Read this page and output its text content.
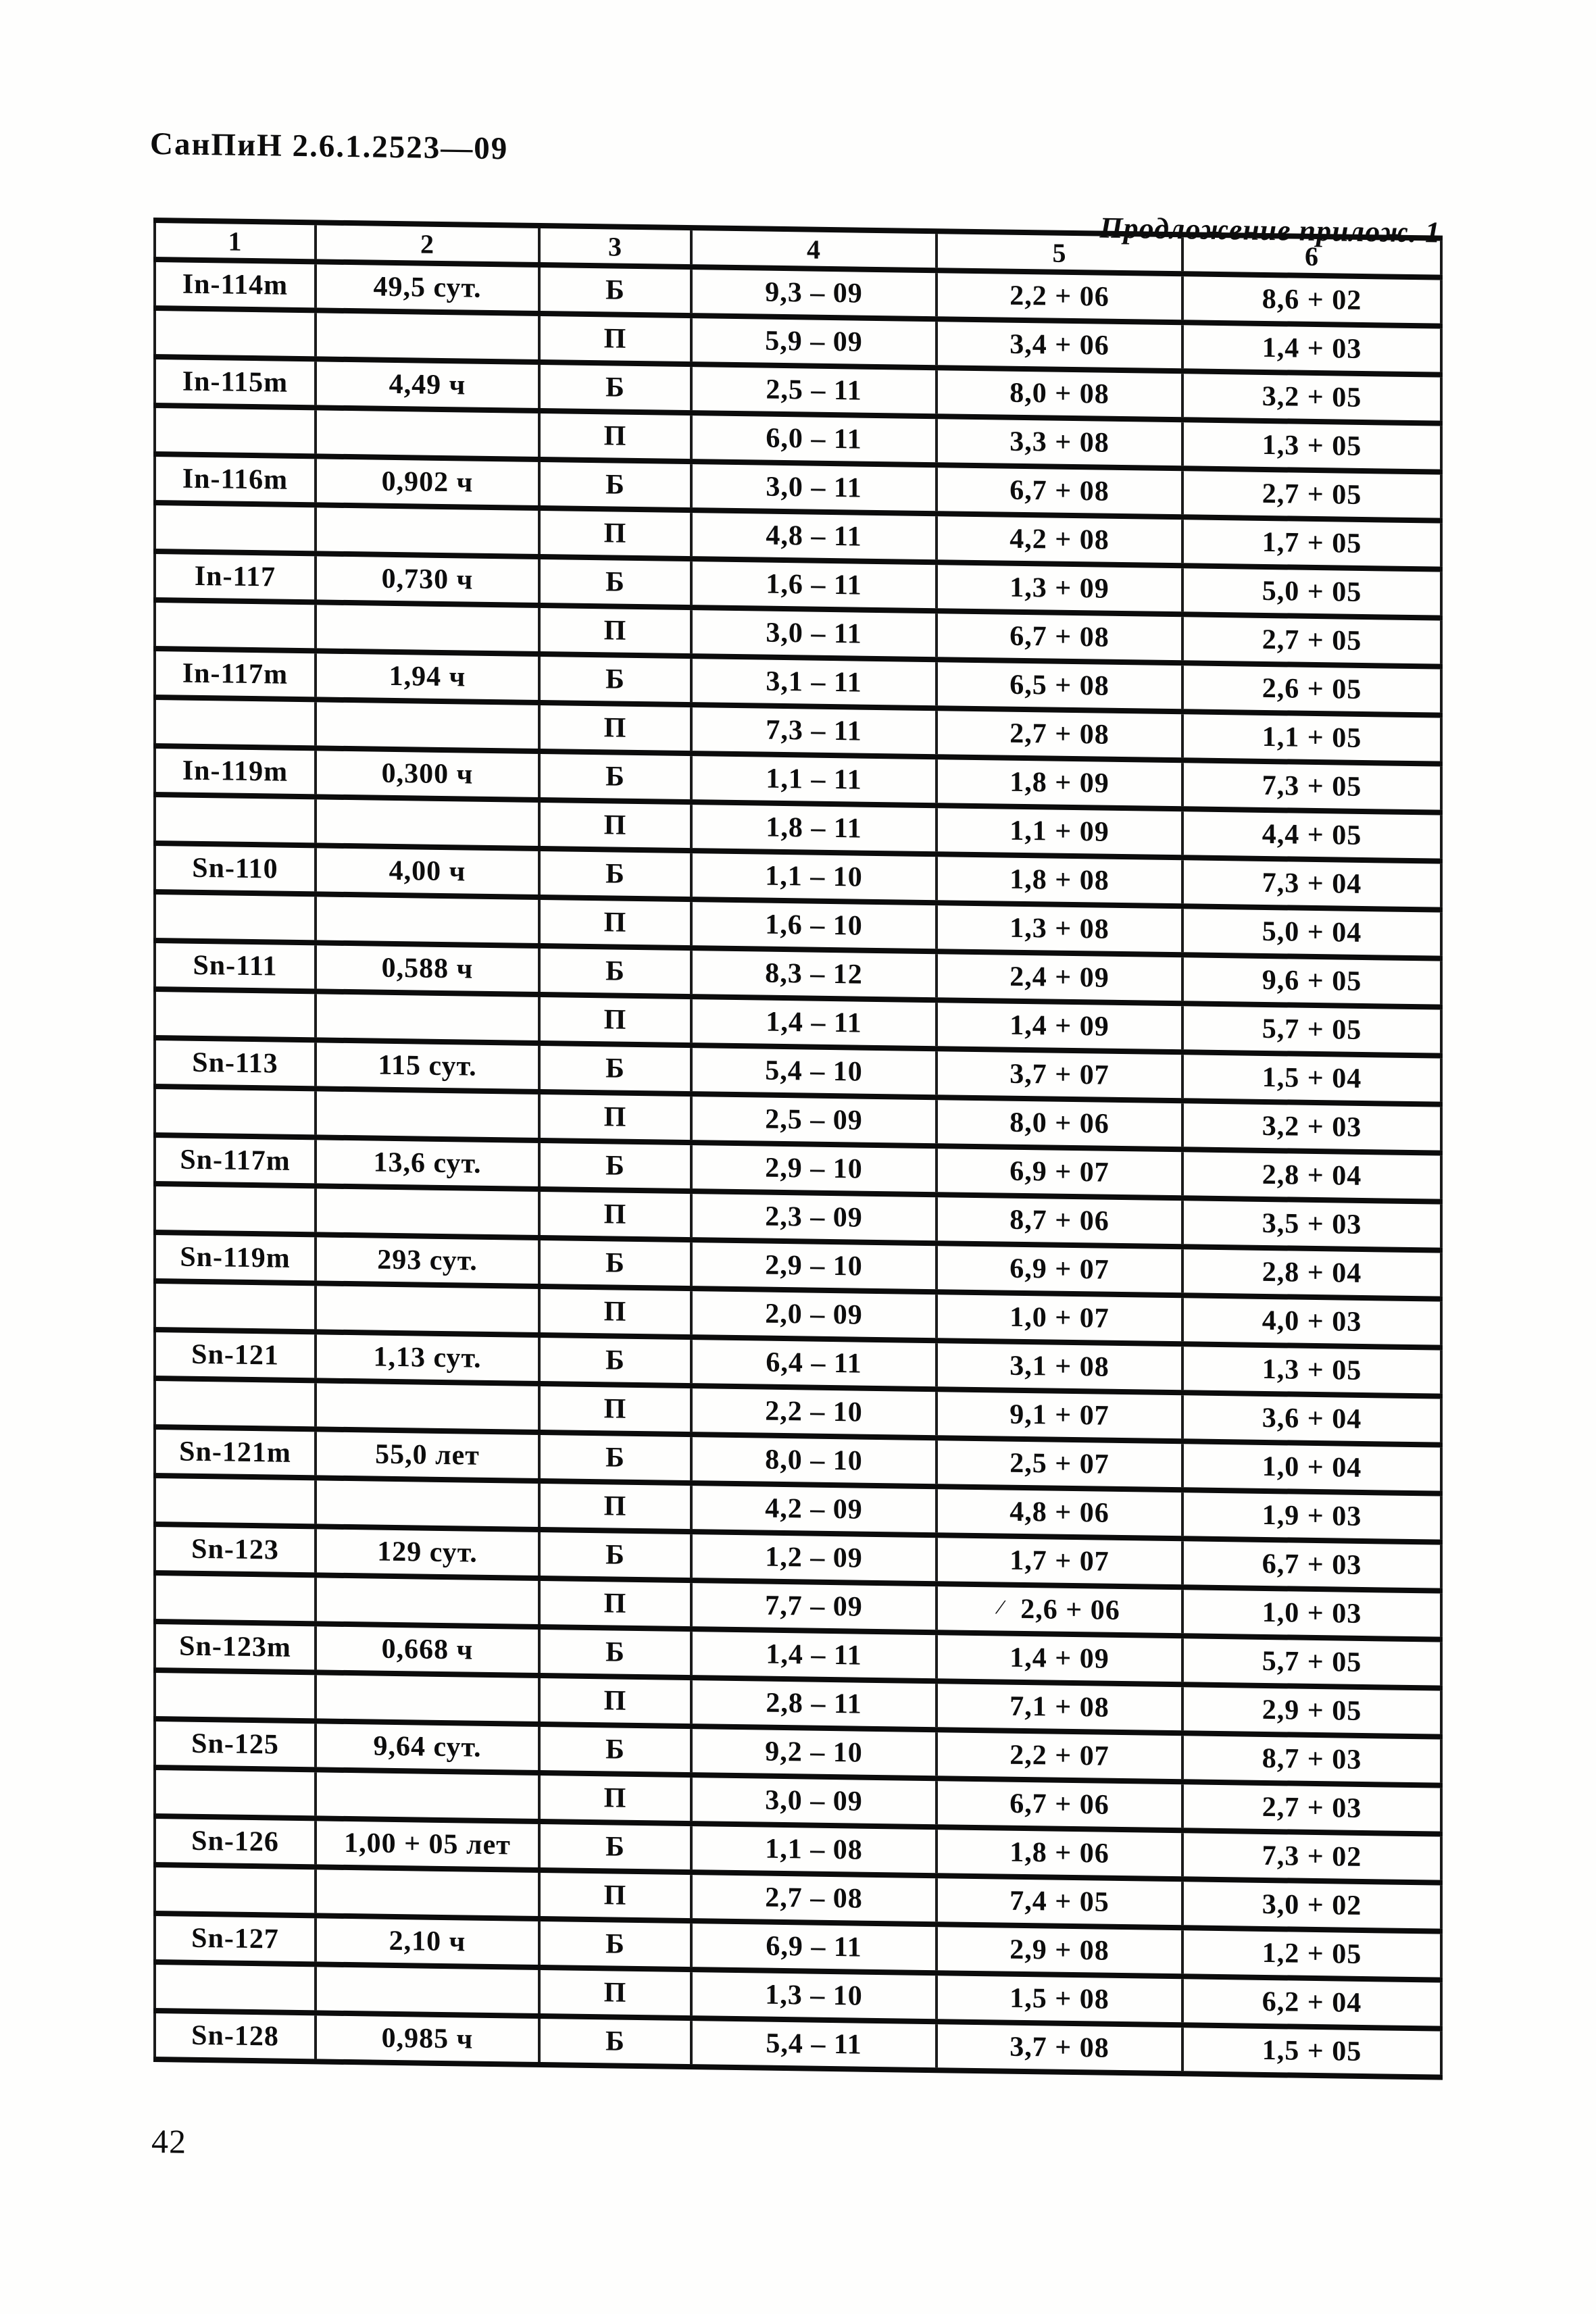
СанПиН 2.6.1.2523—09
Продложение прилож. 1
1	2	3	4	5	6
In-114m	49,5 сут.	Б	9,3 – 09	2,2 + 06	8,6 + 02
		П	5,9 – 09	3,4 + 06	1,4 + 03
In-115m	4,49 ч	Б	2,5 – 11	8,0 + 08	3,2 + 05
		П	6,0 – 11	3,3 + 08	1,3 + 05
In-116m	0,902 ч	Б	3,0 – 11	6,7 + 08	2,7 + 05
		П	4,8 – 11	4,2 + 08	1,7 + 05
In-117	0,730 ч	Б	1,6 – 11	1,3 + 09	5,0 + 05
		П	3,0 – 11	6,7 + 08	2,7 + 05
In-117m	1,94 ч	Б	3,1 – 11	6,5 + 08	2,6 + 05
		П	7,3 – 11	2,7 + 08	1,1 + 05
In-119m	0,300 ч	Б	1,1 – 11	1,8 + 09	7,3 + 05
		П	1,8 – 11	1,1 + 09	4,4 + 05
Sn-110	4,00 ч	Б	1,1 – 10	1,8 + 08	7,3 + 04
		П	1,6 – 10	1,3 + 08	5,0 + 04
Sn-111	0,588 ч	Б	8,3 – 12	2,4 + 09	9,6 + 05
		П	1,4 – 11	1,4 + 09	5,7 + 05
Sn-113	115 сут.	Б	5,4 – 10	3,7 + 07	1,5 + 04
		П	2,5 – 09	8,0 + 06	3,2 + 03
Sn-117m	13,6 сут.	Б	2,9 – 10	6,9 + 07	2,8 + 04
		П	2,3 – 09	8,7 + 06	3,5 + 03
Sn-119m	293 сут.	Б	2,9 – 10	6,9 + 07	2,8 + 04
		П	2,0 – 09	1,0 + 07	4,0 + 03
Sn-121	1,13 сут.	Б	6,4 – 11	3,1 + 08	1,3 + 05
		П	2,2 – 10	9,1 + 07	3,6 + 04
Sn-121m	55,0 лет	Б	8,0 – 10	2,5 + 07	1,0 + 04
		П	4,2 – 09	4,8 + 06	1,9 + 03
Sn-123	129 сут.	Б	1,2 – 09	1,7 + 07	6,7 + 03
		П	7,7 – 09	∕ 2,6 + 06	1,0 + 03
Sn-123m	0,668 ч	Б	1,4 – 11	1,4 + 09	5,7 + 05
		П	2,8 – 11	7,1 + 08	2,9 + 05
Sn-125	9,64 сут.	Б	9,2 – 10	2,2 + 07	8,7 + 03
		П	3,0 – 09	6,7 + 06	2,7 + 03
Sn-126	1,00 + 05 лет	Б	1,1 – 08	1,8 + 06	7,3 + 02
		П	2,7 – 08	7,4 + 05	3,0 + 02
Sn-127	2,10 ч	Б	6,9 – 11	2,9 + 08	1,2 + 05
		П	1,3 – 10	1,5 + 08	6,2 + 04
Sn-128	0,985 ч	Б	5,4 – 11	3,7 + 08	1,5 + 05
42
